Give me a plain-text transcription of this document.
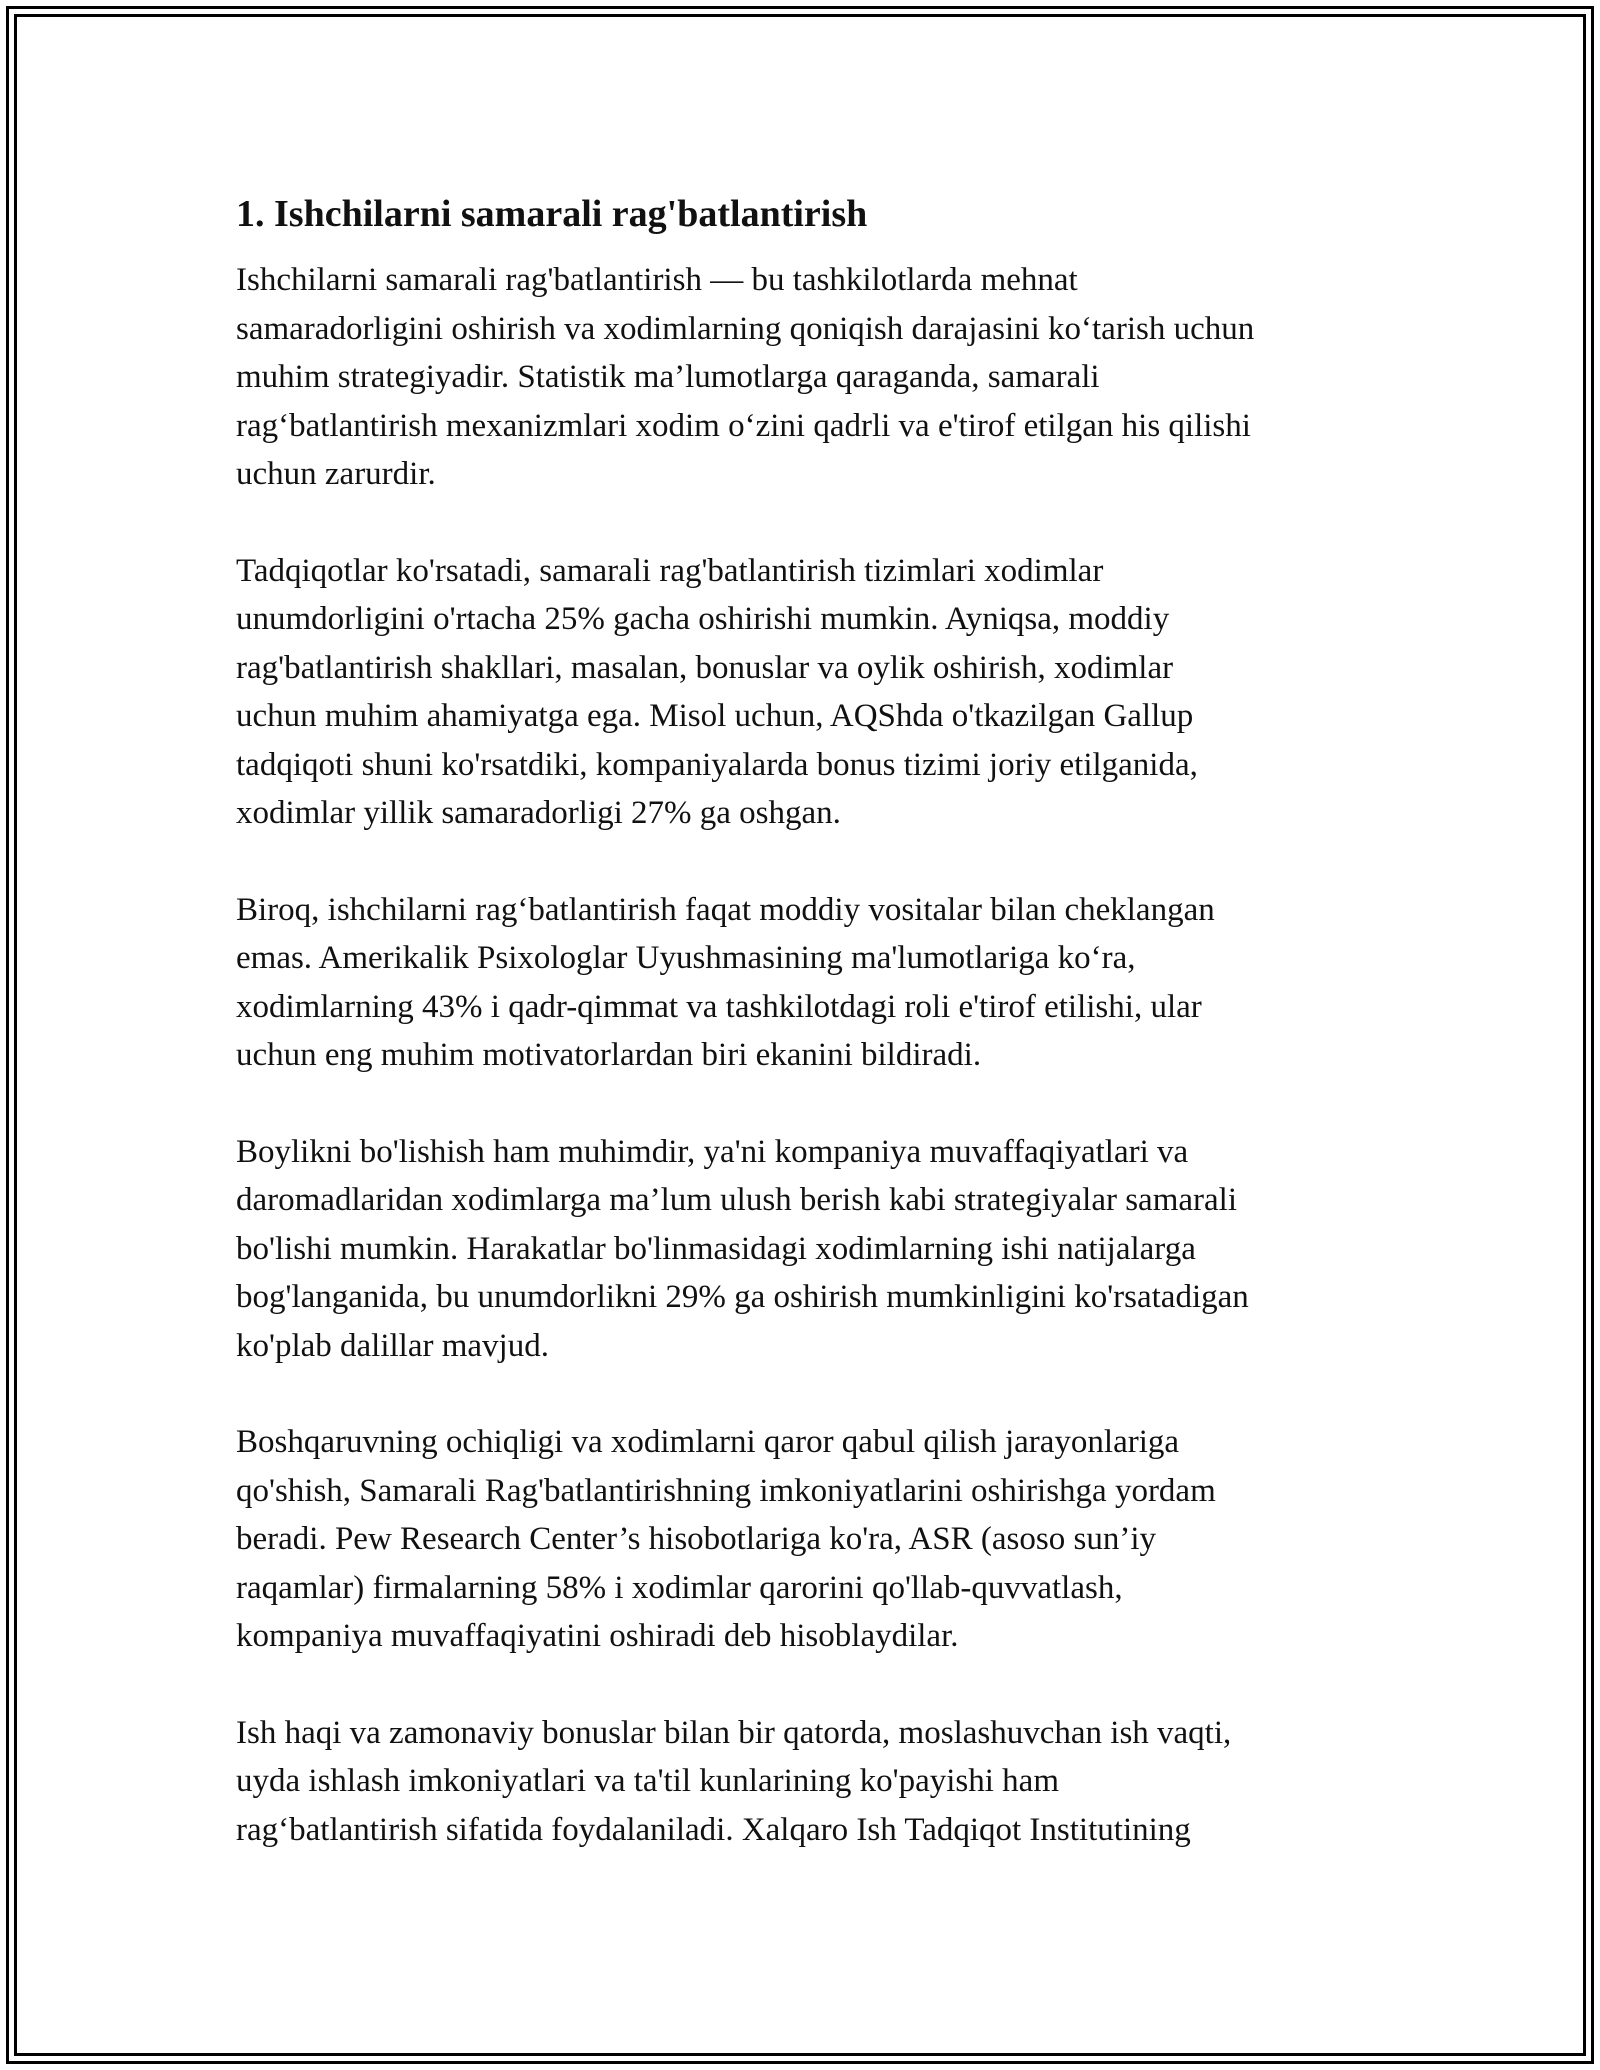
1. Ishchilarni samarali rag'batlantirish

Ishchilarni samarali rag'batlantirish — bu tashkilotlarda mehnat
samaradorligini oshirish va xodimlarning qoniqish darajasini ko‘tarish uchun
muhim strategiyadir. Statistik ma’lumotlarga qaraganda, samarali
rag‘batlantirish mexanizmlari xodim o‘zini qadrli va e'tirof etilgan his qilishi
uchun zarurdir.

Tadqiqotlar ko'rsatadi, samarali rag'batlantirish tizimlari xodimlar
unumdorligini o'rtacha 25% gacha oshirishi mumkin. Ayniqsa, moddiy
rag'batlantirish shakllari, masalan, bonuslar va oylik oshirish, xodimlar
uchun muhim ahamiyatga ega. Misol uchun, AQShda o'tkazilgan Gallup
tadqiqoti shuni ko'rsatdiki, kompaniyalarda bonus tizimi joriy etilganida,
xodimlar yillik samaradorligi 27% ga oshgan.

Biroq, ishchilarni rag‘batlantirish faqat moddiy vositalar bilan cheklangan
emas. Amerikalik Psixologlar Uyushmasining ma'lumotlariga ko‘ra,
xodimlarning 43% i qadr-qimmat va tashkilotdagi roli e'tirof etilishi, ular
uchun eng muhim motivatorlardan biri ekanini bildiradi.

Boylikni bo'lishish ham muhimdir, ya'ni kompaniya muvaffaqiyatlari va
daromadlaridan xodimlarga ma’lum ulush berish kabi strategiyalar samarali
bo'lishi mumkin. Harakatlar bo'linmasidagi xodimlarning ishi natijalarga
bog'langanida, bu unumdorlikni 29% ga oshirish mumkinligini ko'rsatadigan
ko'plab dalillar mavjud.

Boshqaruvning ochiqligi va xodimlarni qaror qabul qilish jarayonlariga
qo'shish, Samarali Rag'batlantirishning imkoniyatlarini oshirishga yordam
beradi. Pew Research Center’s hisobotlariga ko'ra, ASR (asoso sun’iy
raqamlar) firmalarning 58% i xodimlar qarorini qo'llab-quvvatlash,
kompaniya muvaffaqiyatini oshiradi deb hisoblaydilar.

Ish haqi va zamonaviy bonuslar bilan bir qatorda, moslashuvchan ish vaqti,
uyda ishlash imkoniyatlari va ta'til kunlarining ko'payishi ham
rag‘batlantirish sifatida foydalaniladi. Xalqaro Ish Tadqiqot Institutining
